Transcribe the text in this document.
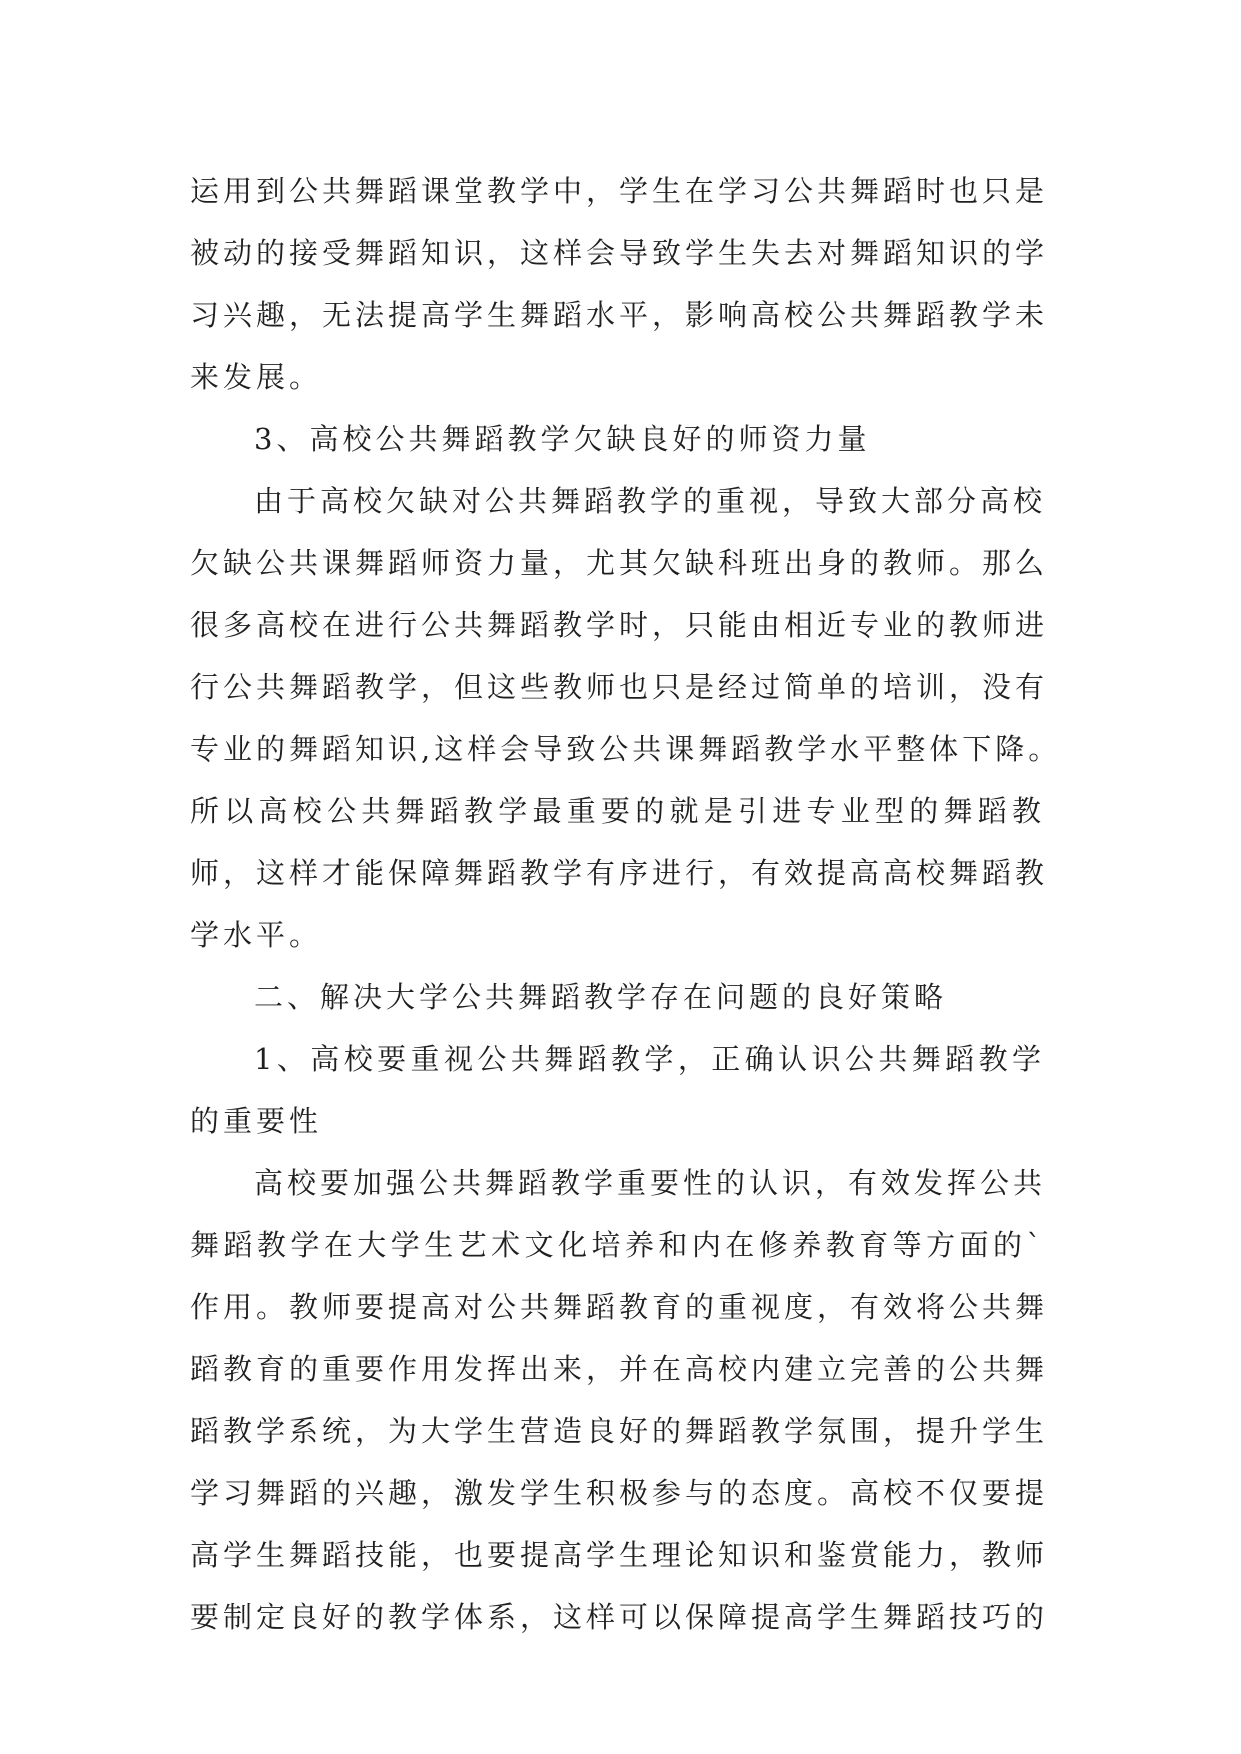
运用到公共舞蹈课堂教学中，学生在学习公共舞蹈时也只是
被动的接受舞蹈知识，这样会导致学生失去对舞蹈知识的学
习兴趣，无法提高学生舞蹈水平，影响高校公共舞蹈教学未
来发展。
3、高校公共舞蹈教学欠缺良好的师资力量
由于高校欠缺对公共舞蹈教学的重视，导致大部分高校
欠缺公共课舞蹈师资力量，尤其欠缺科班出身的教师。那么
很多高校在进行公共舞蹈教学时，只能由相近专业的教师进
行公共舞蹈教学，但这些教师也只是经过简单的培训，没有
专业的舞蹈知识,这样会导致公共课舞蹈教学水平整体下降。
所以高校公共舞蹈教学最重要的就是引进专业型的舞蹈教
师，这样才能保障舞蹈教学有序进行，有效提高高校舞蹈教
学水平。
二、解决大学公共舞蹈教学存在问题的良好策略
1、高校要重视公共舞蹈教学，正确认识公共舞蹈教学
的重要性
高校要加强公共舞蹈教学重要性的认识，有效发挥公共
舞蹈教学在大学生艺术文化培养和内在修养教育等方面的`
作用。教师要提高对公共舞蹈教育的重视度，有效将公共舞
蹈教育的重要作用发挥出来，并在高校内建立完善的公共舞
蹈教学系统，为大学生营造良好的舞蹈教学氛围，提升学生
学习舞蹈的兴趣，激发学生积极参与的态度。高校不仅要提
高学生舞蹈技能，也要提高学生理论知识和鉴赏能力，教师
要制定良好的教学体系，这样可以保障提高学生舞蹈技巧的
